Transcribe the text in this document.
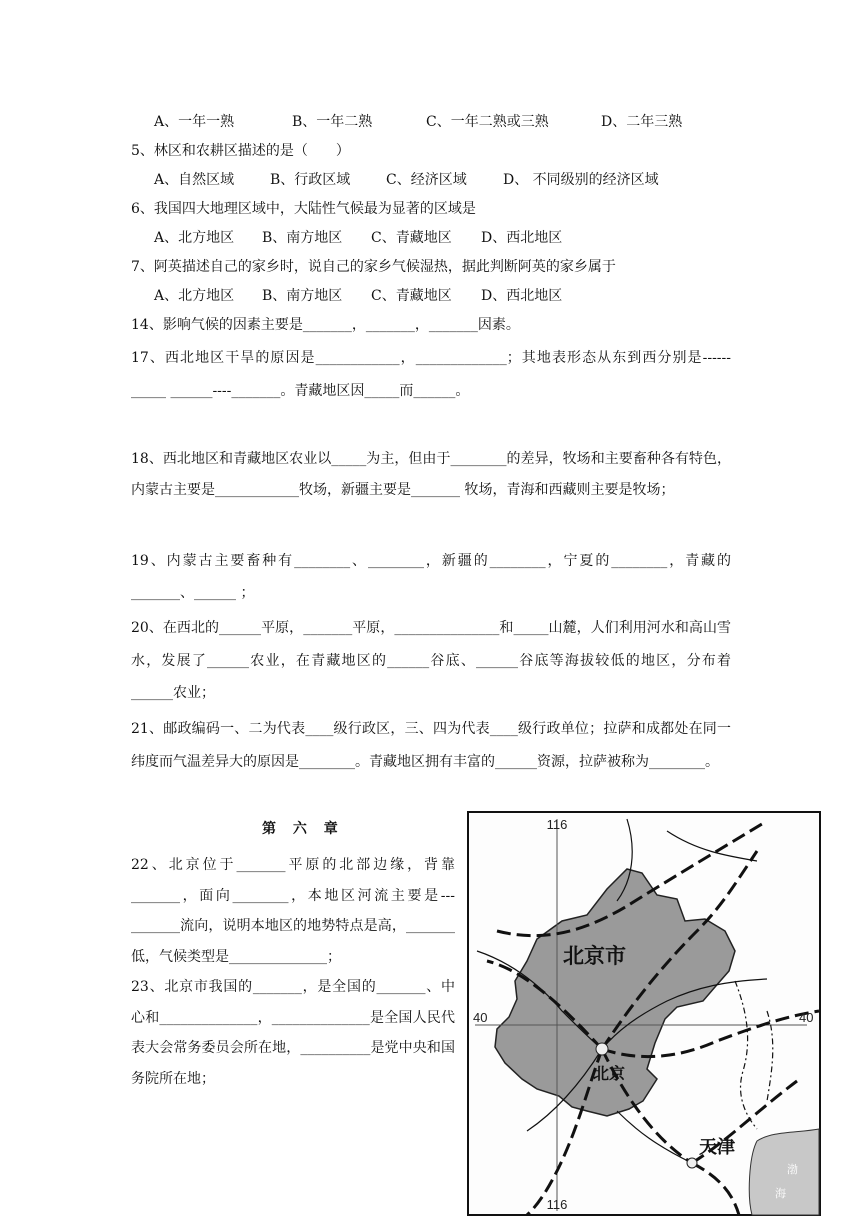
A、一年一熟	B、一年二熟	C、一年二熟或三熟	D、二年三熟
5、林区和农耕区描述的是（　　）
A、自然区域	B、行政区域	C、经济区域	D、 不同级别的经济区域
6、我国四大地理区域中，大陆性气候最为显著的区域是
A、北方地区 B、南方地区 C、青藏地区 D、西北地区
7、阿英描述自己的家乡时，说自己的家乡气候湿热，据此判断阿英的家乡属于
A、北方地区 B、南方地区 C、青藏地区 D、西北地区
14、影响气候的因素主要是_______，_______，_______因素。
17、西北地区干旱的原因是____________，_____________；其地表形态从东到西分别是------_____ ______----_______。青藏地区因_____而______。
18、西北地区和青藏地区农业以_____为主，但由于________的差异，牧场和主要畜种各有特色，内蒙古主要是____________牧场，新疆主要是_______ 牧场，青海和西藏则主要是牧场；
19、内蒙古主要畜种有________、________，新疆的________，宁夏的________，青藏的_______、______ ；
20、在西北的______平原，_______平原，_______________和_____山麓，人们利用河水和高山雪水，发展了______农业，在青藏地区的______谷底、______谷底等海拔较低的地区，分布着______农业；
21、邮政编码一、二为代表____级行政区，三、四为代表____级行政单位；拉萨和成都处在同一纬度而气温差异大的原因是________。青藏地区拥有丰富的______资源，拉萨被称为________。
第 六 章
22、北京位于_______平原的北部边缘，背靠_______，面向________，本地区河流主要是---_______流向，说明本地区的地势特点是高，_______低，气候类型是______________；
23、北京市我国的_______，是全国的_______、中心和______________，______________是全国人民代表大会常务委员会所在地，__________是党中央和国务院所在地；
116
116
40	40
北京市
北京
天津
渤
海
